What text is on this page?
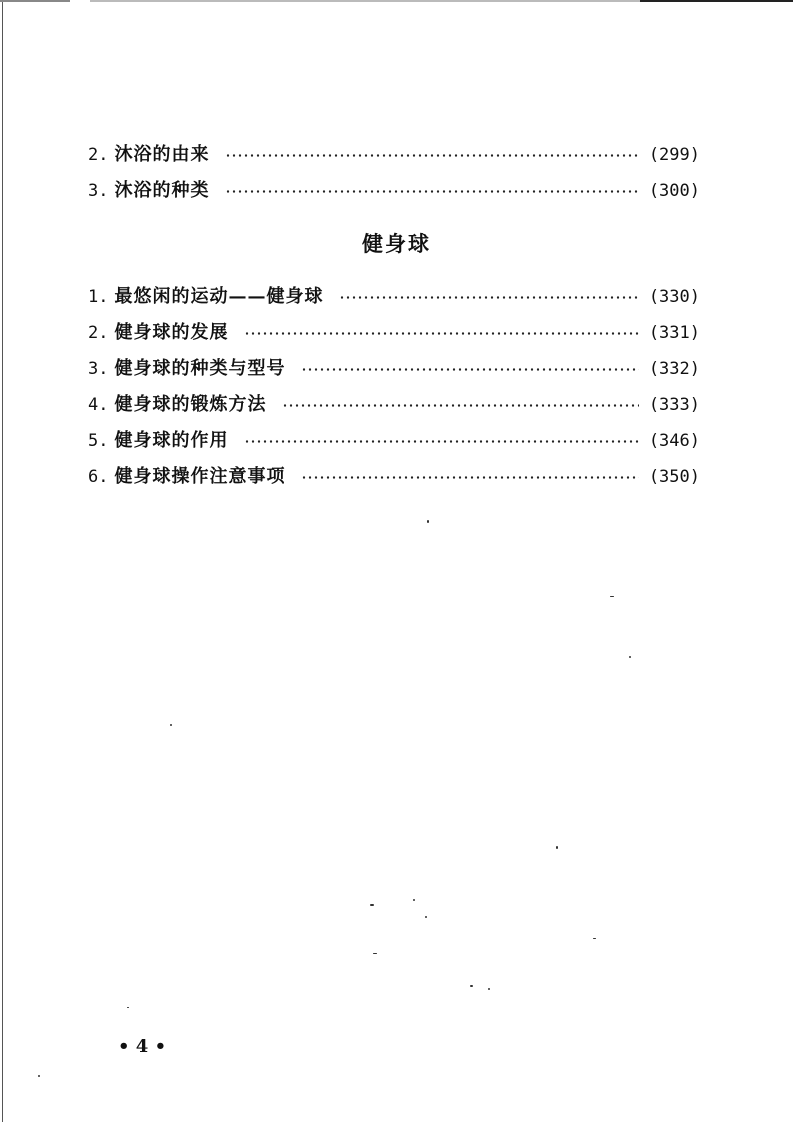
2. 沐浴的由来	(299)
3. 沐浴的种类	(300)
健身球
1. 最悠闲的运动——健身球	(330)
2. 健身球的发展	(331)
3. 健身球的种类与型号	(332)
4. 健身球的锻炼方法	(333)
5. 健身球的作用	(346)
6. 健身球操作注意事项	(350)
• 4 •
